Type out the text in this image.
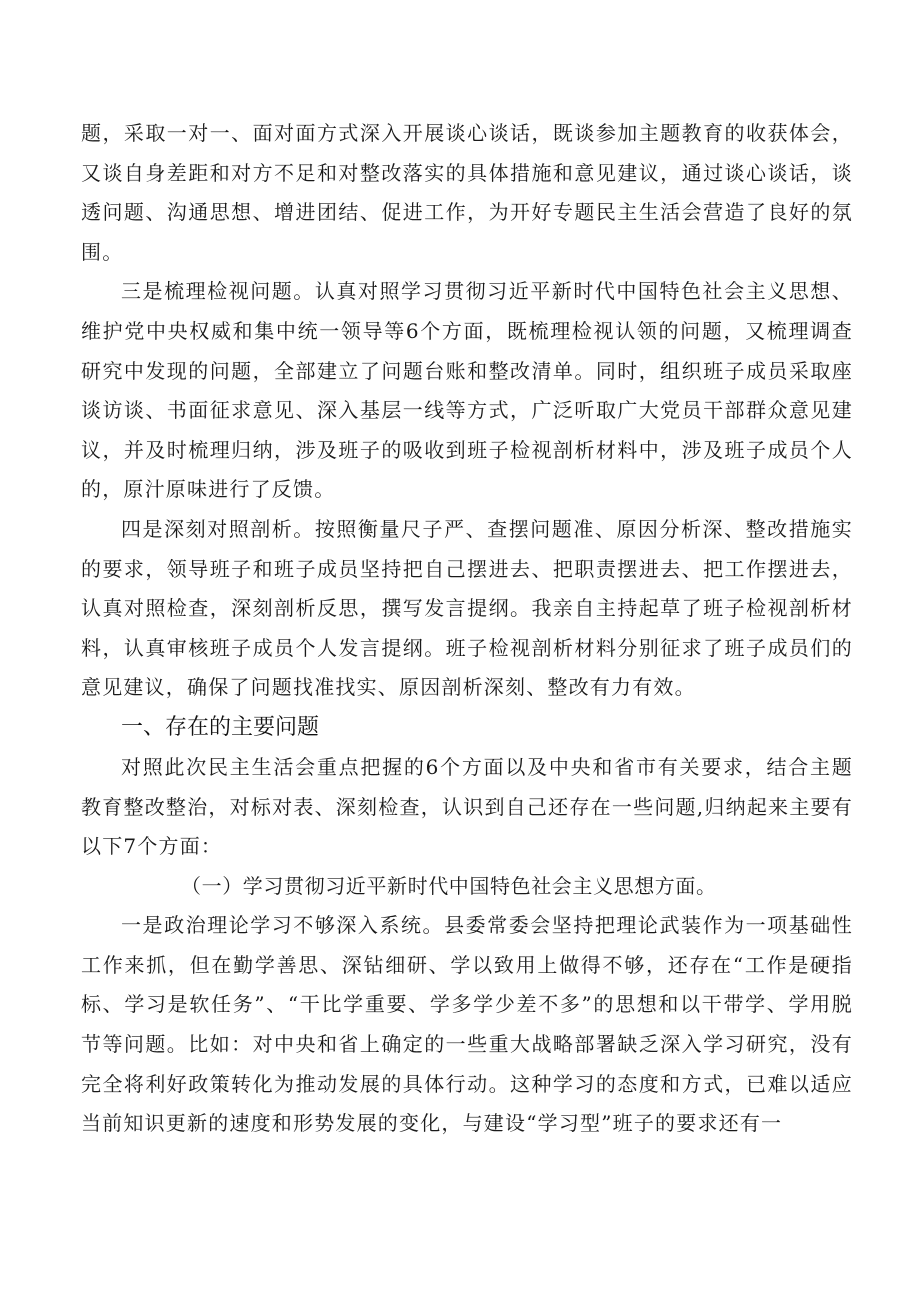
题，采取一对一、面对面方式深入开展谈心谈话，既谈参加主题教育的收获体会，又谈自身差距和对方不足和对整改落实的具体措施和意见建议，通过谈心谈话，谈透问题、沟通思想、增进团结、促进工作，为开好专题民主生活会营造了良好的氛围。

三是梳理检视问题。认真对照学习贯彻习近平新时代中国特色社会主义思想、维护党中央权威和集中统一领导等6个方面，既梳理检视认领的问题，又梳理调查研究中发现的问题，全部建立了问题台账和整改清单。同时，组织班子成员采取座谈访谈、书面征求意见、深入基层一线等方式，广泛听取广大党员干部群众意见建议，并及时梳理归纳，涉及班子的吸收到班子检视剖析材料中，涉及班子成员个人的，原汁原味进行了反馈。

四是深刻对照剖析。按照衡量尺子严、查摆问题准、原因分析深、整改措施实的要求，领导班子和班子成员坚持把自己摆进去、把职责摆进去、把工作摆进去，认真对照检查，深刻剖析反思，撰写发言提纲。我亲自主持起草了班子检视剖析材料，认真审核班子成员个人发言提纲。班子检视剖析材料分别征求了班子成员们的意见建议，确保了问题找准找实、原因剖析深刻、整改有力有效。

一、存在的主要问题

对照此次民主生活会重点把握的6个方面以及中央和省市有关要求，结合主题教育整改整治，对标对表、深刻检查，认识到自己还存在一些问题,归纳起来主要有以下7个方面：

（一）学习贯彻习近平新时代中国特色社会主义思想方面。

一是政治理论学习不够深入系统。县委常委会坚持把理论武装作为一项基础性工作来抓，但在勤学善思、深钻细研、学以致用上做得不够，还存在“工作是硬指标、学习是软任务”、“干比学重要、学多学少差不多”的思想和以干带学、学用脱节等问题。比如：对中央和省上确定的一些重大战略部署缺乏深入学习研究，没有完全将利好政策转化为推动发展的具体行动。这种学习的态度和方式，已难以适应当前知识更新的速度和形势发展的变化，与建设“学习型”班子的要求还有一
